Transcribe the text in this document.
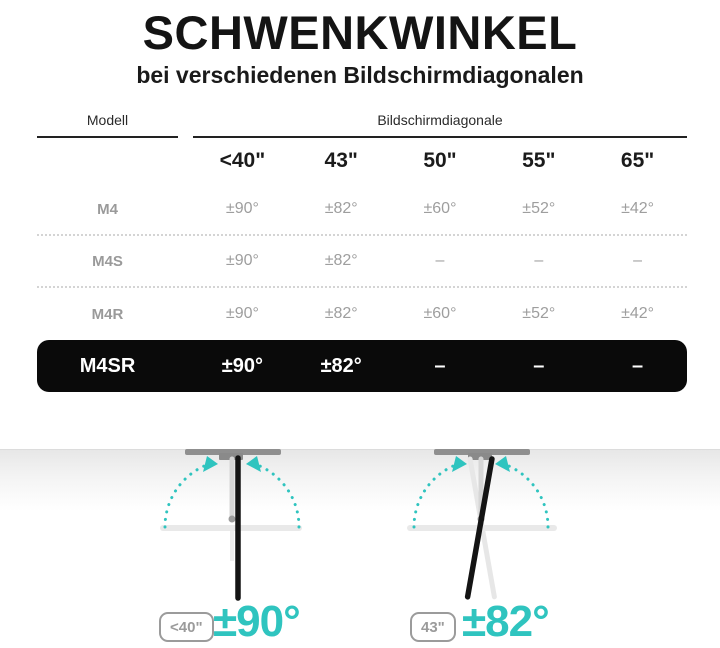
SCHWENKWINKEL
bei verschiedenen Bildschirmdiagonalen
Modell	Bildschirmdiagonale
<40"	43"	50"	55"	65"
M4	±90°	±82°	±60°	±52°	±42°
M4S	±90°	±82°	–	–	–
M4R	±90°	±82°	±60°	±52°	±42°
M4SR	±90°	±82°	–	–	–
<40" ±90°	43" ±82°
